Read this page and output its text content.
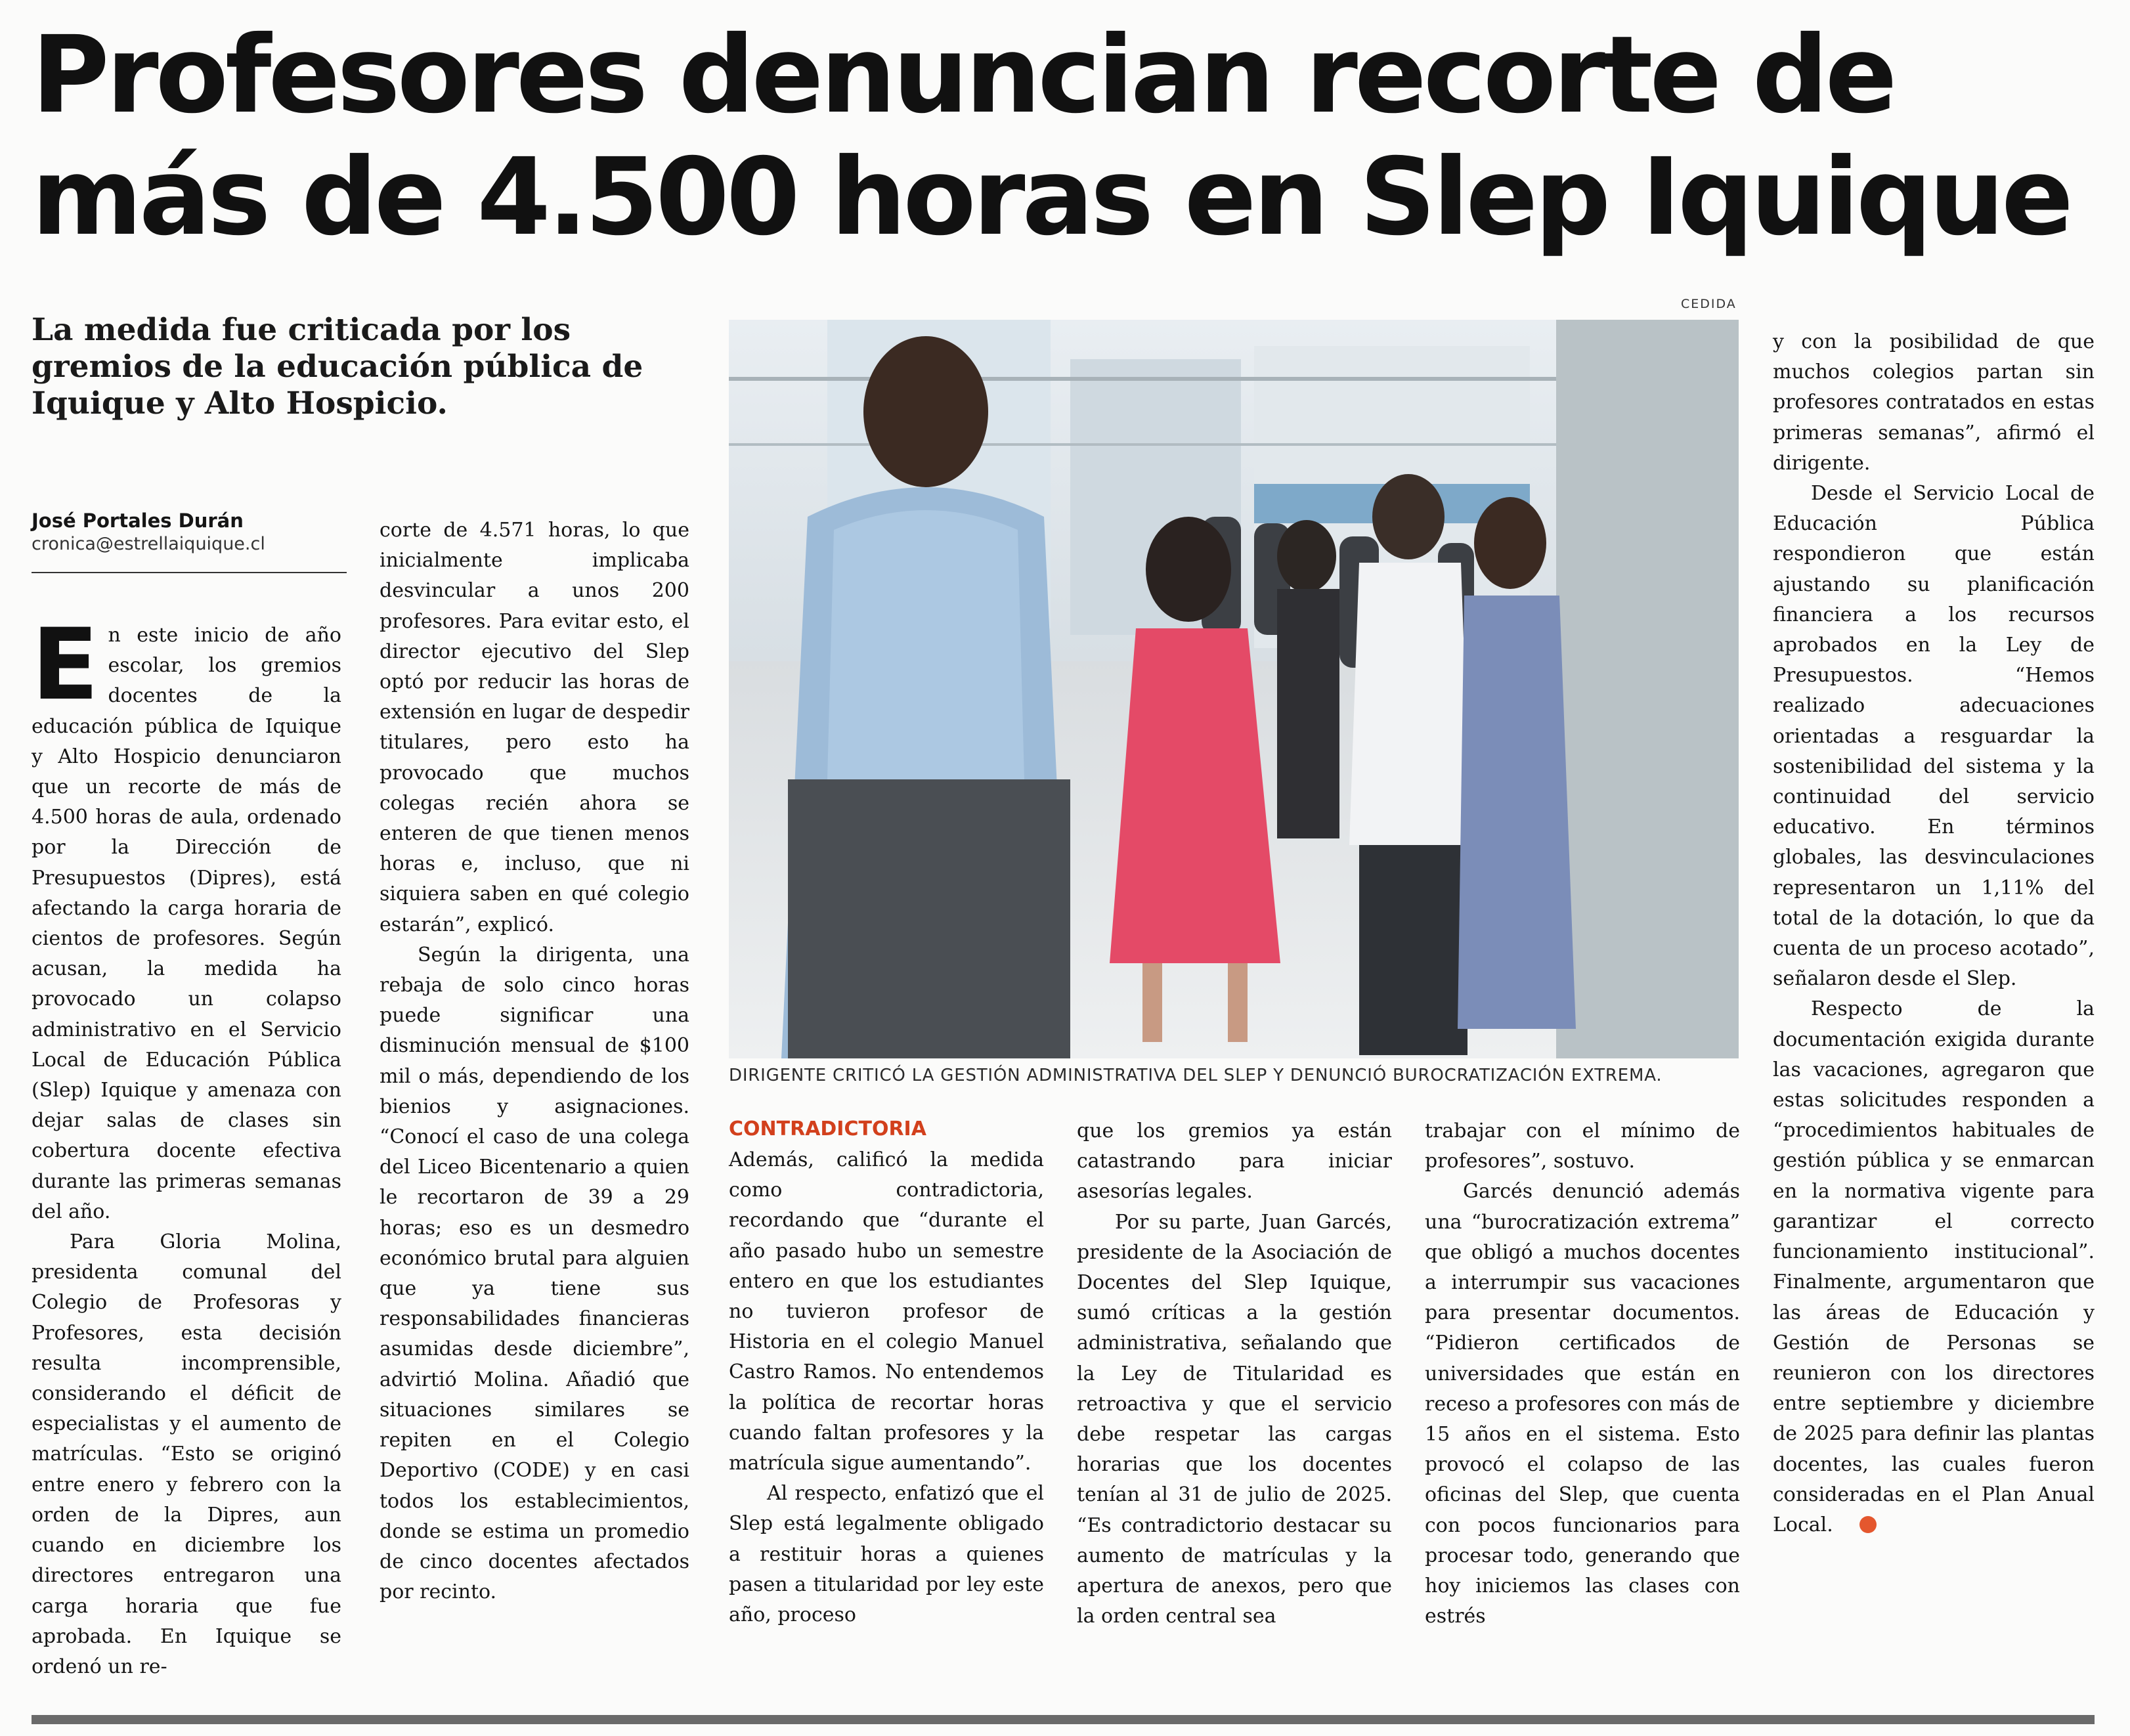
Profesores denuncian recorte de
más de 4.500 horas en Slep Iquique
CEDIDA
La medida fue criticada por los
gremios de la educación pública de
Iquique y Alto Hospicio.
José Portales Durán
cronica@estrellaiquique.cl

En este inicio de año escolar, los gremios docentes de la educación pública de Iquique y Alto Hospicio denunciaron que un recorte de más de 4.500 horas de aula, ordenado por la Dirección de Presupuestos (Dipres), está afectando la carga horaria de cientos de profesores. Según acusan, la medida ha provocado un colapso administrativo en el Servicio Local de Educación Pública (Slep) Iquique y amenaza con dejar salas de clases sin cobertura docente efectiva durante las primeras semanas del año.

Para Gloria Molina, presidenta comunal del Colegio de Profesoras y Profesores, esta decisión resulta incomprensible, considerando el déficit de especialistas y el aumento de matrículas. “Esto se originó entre enero y febrero con la orden de la Dipres, aun cuando en diciembre los directores entregaron una carga horaria que fue aprobada. En Iquique se ordenó un re-

corte de 4.571 horas, lo que inicialmente implicaba desvincular a unos 200 profesores. Para evitar esto, el director ejecutivo del Slep optó por reducir las horas de extensión en lugar de despedir titulares, pero esto ha provocado que muchos colegas recién ahora se enteren de que tienen menos horas e, incluso, que ni siquiera saben en qué colegio estarán”, explicó.

Según la dirigenta, una rebaja de solo cinco horas puede significar una disminución mensual de $100 mil o más, dependiendo de los bienios y asignaciones. “Conocí el caso de una colega del Liceo Bicentenario a quien le recortaron de 39 a 29 horas; eso es un desmedro económico brutal para alguien que ya tiene sus responsabilidades financieras asumidas desde diciembre”, advirtió Molina. Añadió que situaciones similares se repiten en el Colegio Deportivo (CODE) y en casi todos los establecimientos, donde se estima un promedio de cinco docentes afectados por recinto.

DIRIGENTE CRITICÓ LA GESTIÓN ADMINISTRATIVA DEL SLEP Y DENUNCIÓ BUROCRATIZACIÓN EXTREMA.
CONTRADICTORIA

Además, calificó la medida como contradictoria, recordando que “durante el año pasado hubo un semestre entero en que los estudiantes no tuvieron profesor de Historia en el colegio Manuel Castro Ramos. No entendemos la política de recortar horas cuando faltan profesores y la matrícula sigue aumentando”.

Al respecto, enfatizó que el Slep está legalmente obligado a restituir horas a quienes pasen a titularidad por ley este año, proceso

que los gremios ya están catastrando para iniciar asesorías legales.

Por su parte, Juan Garcés, presidente de la Asociación de Docentes del Slep Iquique, sumó críticas a la gestión administrativa, señalando que la Ley de Titularidad es retroactiva y que el servicio debe respetar las cargas horarias que los docentes tenían al 31 de julio de 2025. “Es contradictorio destacar su aumento de matrículas y la apertura de anexos, pero que la orden central sea

trabajar con el mínimo de profesores”, sostuvo.

Garcés denunció además una “burocratización extrema” que obligó a muchos docentes a interrumpir sus vacaciones para presentar documentos. “Pidieron certificados de universidades que están en receso a profesores con más de 15 años en el sistema. Esto provocó el colapso de las oficinas del Slep, que cuenta con pocos funcionarios para procesar todo, generando que hoy iniciemos las clases con estrés

y con la posibilidad de que muchos colegios partan sin profesores contratados en estas primeras semanas”, afirmó el dirigente.

Desde el Servicio Local de Educación Pública respondieron que están ajustando su planificación financiera a los recursos aprobados en la Ley de Presupuestos. “Hemos realizado adecuaciones orientadas a resguardar la sostenibilidad del sistema y la continuidad del servicio educativo. En términos globales, las desvinculaciones representaron un 1,11% del total de la dotación, lo que da cuenta de un proceso acotado”, señalaron desde el Slep.

Respecto de la documentación exigida durante las vacaciones, agregaron que estas solicitudes responden a “procedimientos habituales de gestión pública y se enmarcan en la normativa vigente para garantizar el correcto funcionamiento institucional”. Finalmente, argumentaron que las áreas de Educación y Gestión de Personas se reunieron con los directores entre septiembre y diciembre de 2025 para definir las plantas docentes, las cuales fueron consideradas en el Plan Anual Local.
